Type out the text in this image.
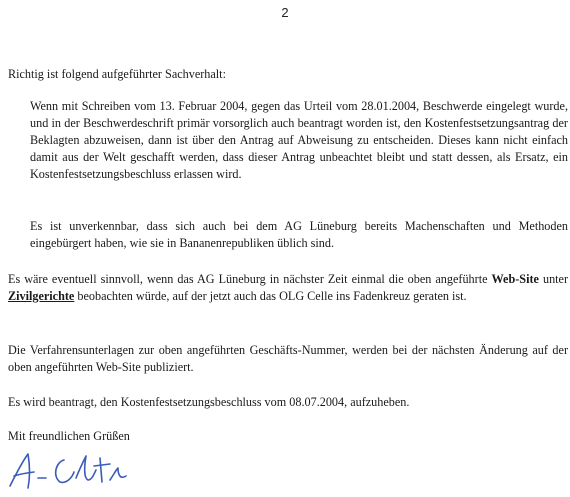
2

Richtig ist folgend aufgeführter Sachverhalt:

Wenn mit Schreiben vom 13. Februar 2004, gegen das Urteil vom 28.01.2004, Beschwerde eingelegt wurde, und in der Beschwerdeschrift primär vorsorglich auch beantragt worden ist, den Kostenfestsetzungsantrag der Beklagten abzuweisen, dann ist über den Antrag auf Abweisung zu entscheiden. Dieses kann nicht einfach damit aus der Welt geschafft werden, dass dieser Antrag unbeachtet bleibt und statt dessen, als Ersatz, ein Kostenfestsetzungsbeschluss erlassen wird.

Es ist unverkennbar, dass sich auch bei dem AG Lüneburg bereits Machenschaften und Methoden eingebürgert haben, wie sie in Bananenrepubliken üblich sind.

Es wäre eventuell sinnvoll, wenn das AG Lüneburg in nächster Zeit einmal die oben angeführte Web-Site unter Zivilgerichte beobachten würde, auf der jetzt auch das OLG Celle ins Fadenkreuz geraten ist.

Die Verfahrensunterlagen zur oben angeführten Geschäfts-Nummer, werden bei der nächsten Änderung auf der oben angeführten Web-Site publiziert.

Es wird beantragt, den Kostenfestsetzungsbeschluss vom 08.07.2004, aufzuheben.

Mit freundlichen Grüßen
